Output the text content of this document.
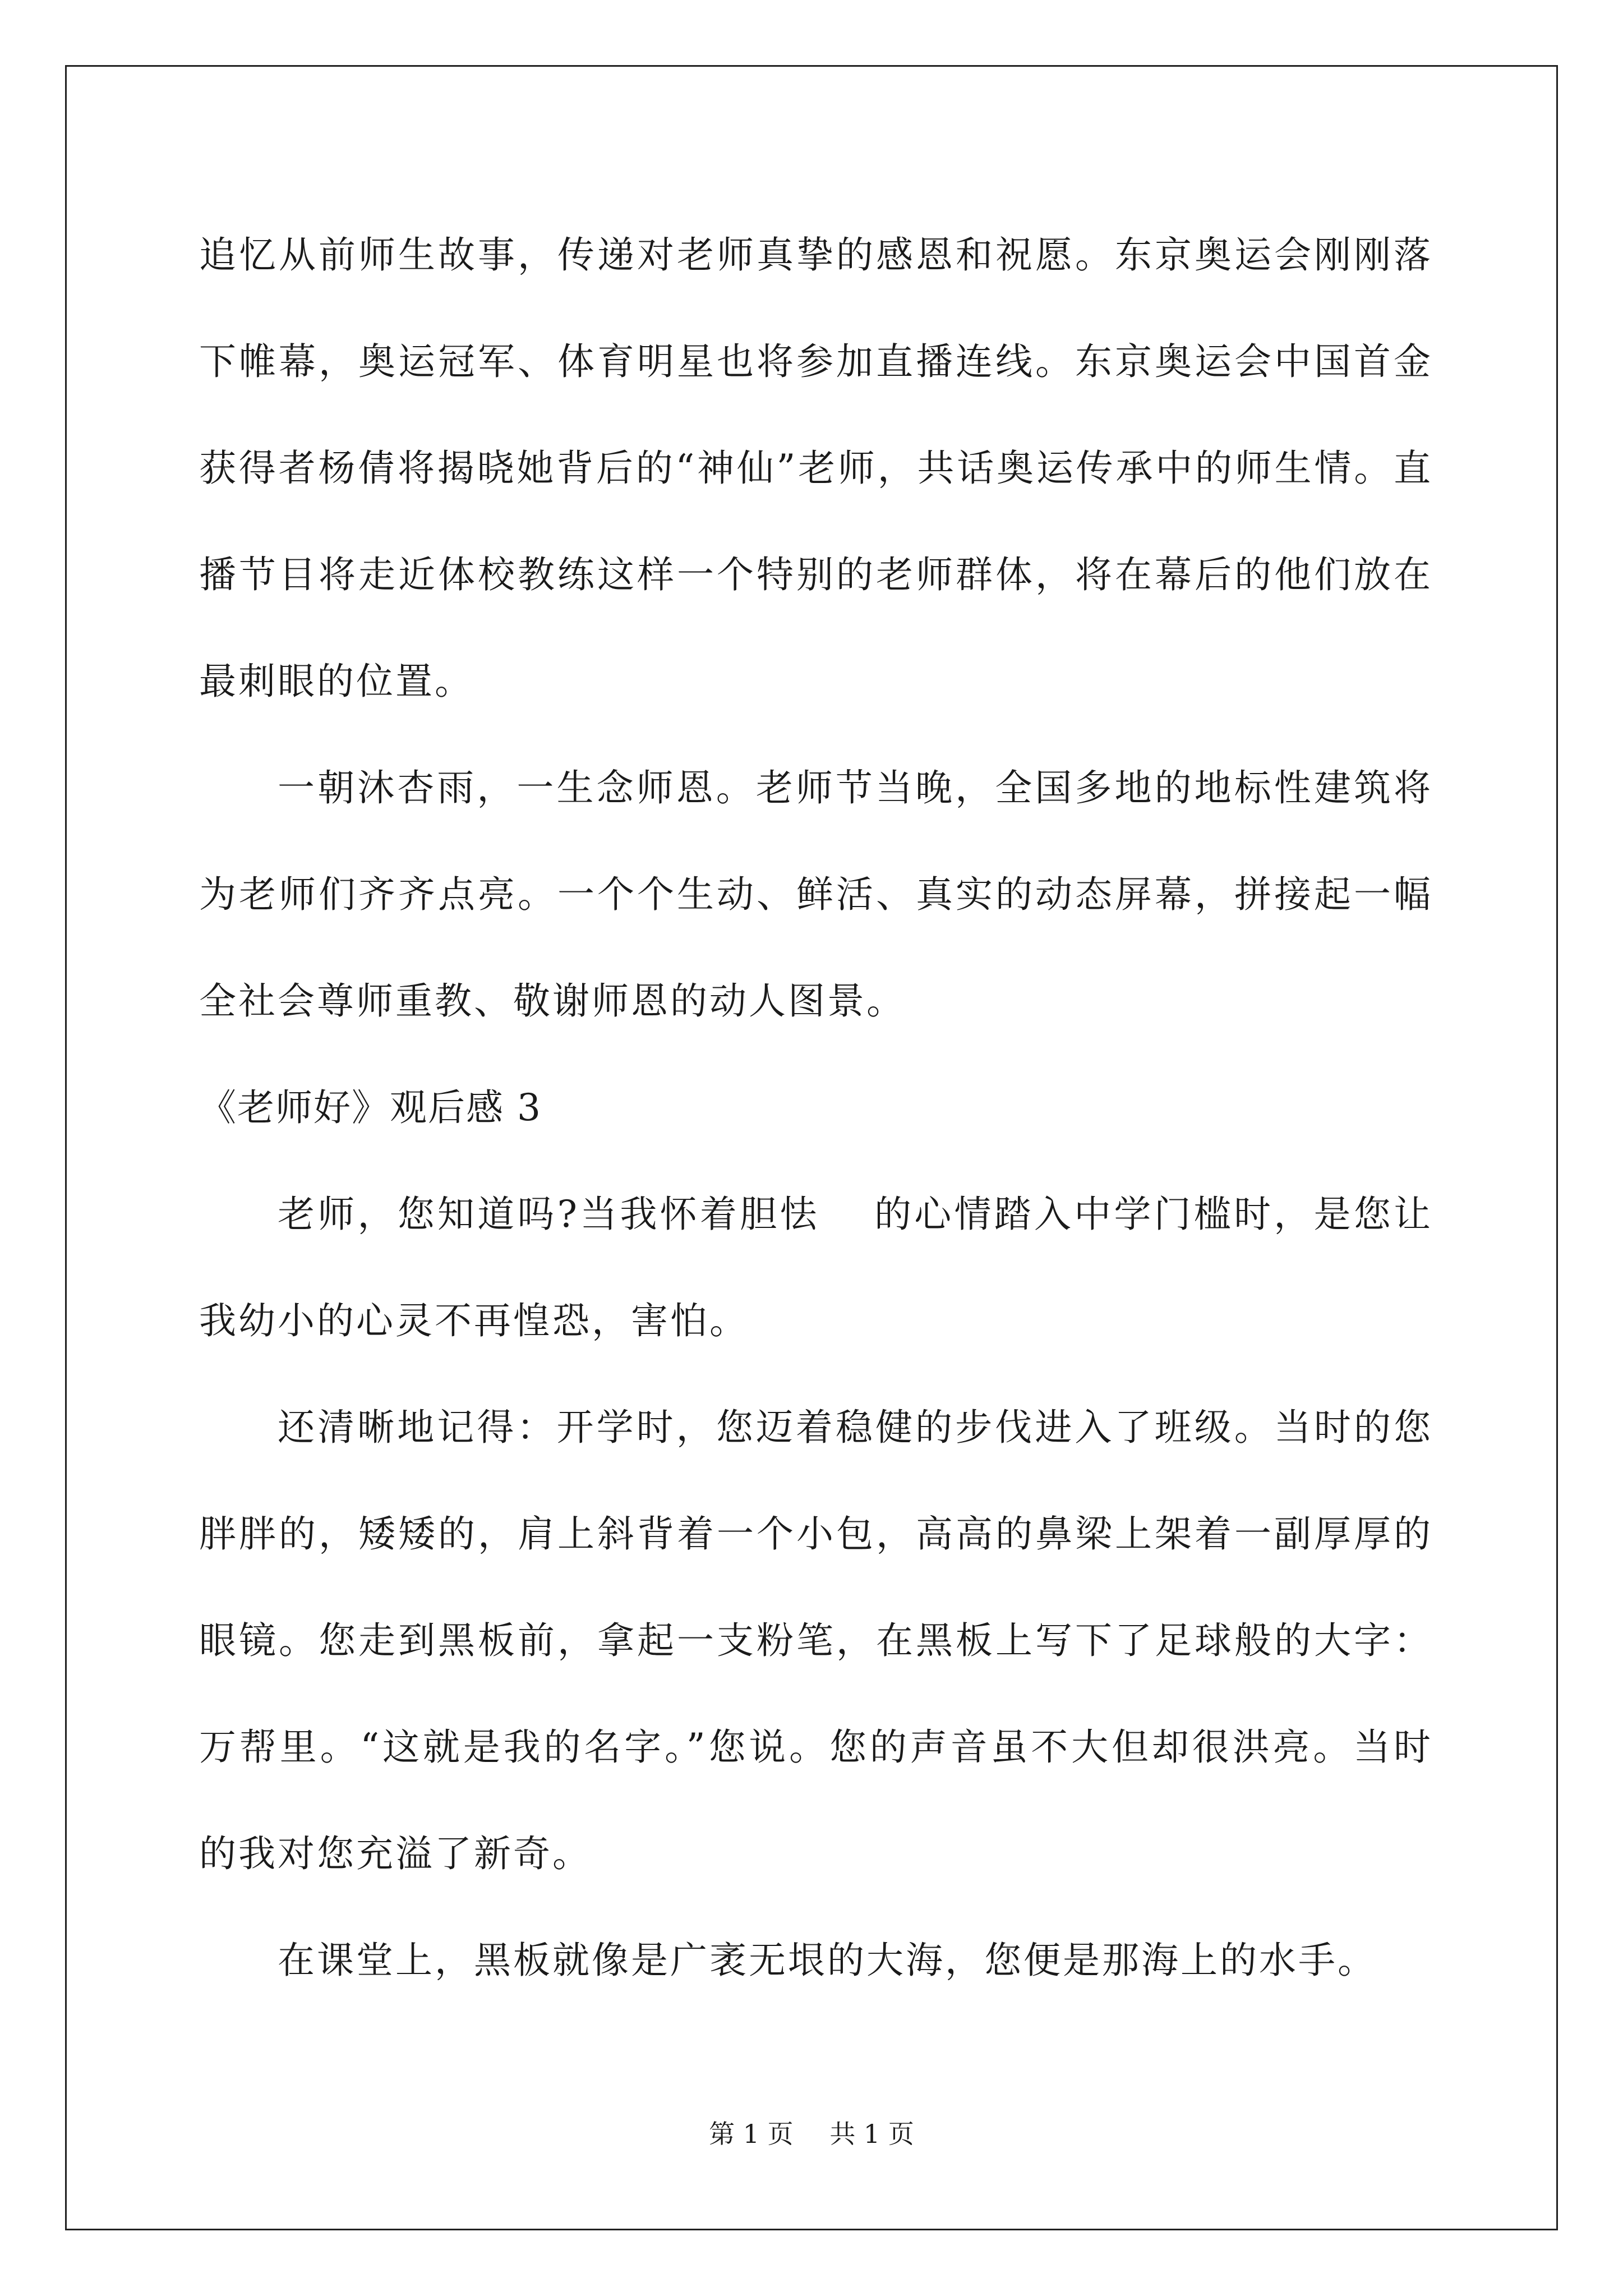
追忆从前师生故事，传递对老师真挚的感恩和祝愿。东京奥运会刚刚落下帷幕，奥运冠军、体育明星也将参加直播连线。东京奥运会中国首金获得者杨倩将揭晓她背后的“神仙”老师，共话奥运传承中的师生情。直播节目将走近体校教练这样一个特别的老师群体，将在幕后的他们放在最刺眼的位置。

一朝沐杏雨，一生念师恩。老师节当晚，全国多地的地标性建筑将为老师们齐齐点亮。一个个生动、鲜活、真实的动态屏幕，拼接起一幅全社会尊师重教、敬谢师恩的动人图景。

《老师好》观后感 3

老师，您知道吗?当我怀着胆怯　 的心情踏入中学门槛时，是您让我幼小的心灵不再惶恐，害怕。

还清晰地记得：开学时，您迈着稳健的步伐进入了班级。当时的您胖胖的，矮矮的，肩上斜背着一个小包，高高的鼻梁上架着一副厚厚的眼镜。您走到黑板前，拿起一支粉笔，在黑板上写下了足球般的大字：万帮里。“这就是我的名字。”您说。您的声音虽不大但却很洪亮。当时的我对您充溢了新奇。

在课堂上，黑板就像是广袤无垠的大海，您便是那海上的水手。

第 1 页 共 1 页
